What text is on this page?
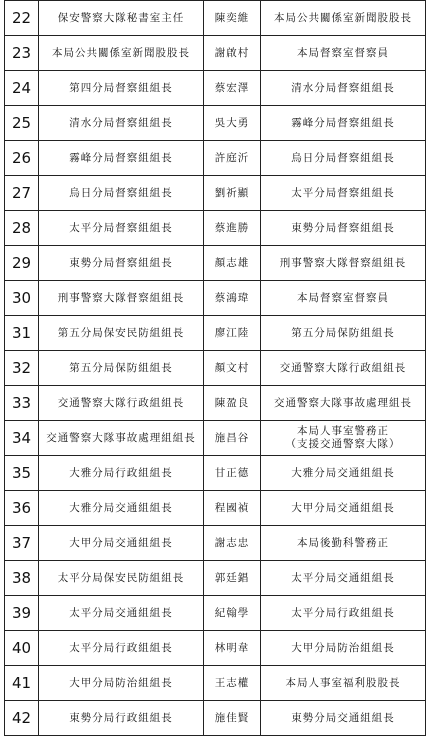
22	保安警察大隊秘書室主任	陳奕維	本局公共關係室新聞股股長

23	本局公共關係室新聞股股長	謝啟村	本局督察室督察員

24	第四分局督察組組長	蔡宏澤	清水分局督察組組長

25	清水分局督察組組長	吳大勇	霧峰分局督察組組長

26	霧峰分局督察組組長	許庭沂	烏日分局督察組組長

27	烏日分局督察組組長	劉祈顯	太平分局督察組組長

28	太平分局督察組組長	蔡進勝	東勢分局督察組組長

29	東勢分局督察組組長	顏志雄	刑事警察大隊督察組組長

30	刑事警察大隊督察組組長	蔡鴻瑋	本局督察室督察員

31	第五分局保安民防組組長	廖江陸	第五分局保防組組長

32	第五分局保防組組長	顏文村	交通警察大隊行政組組長

33	交通警察大隊行政組組長	陳盈良	交通警察大隊事故處理組長

34	交通警察大隊事故處理組組長	施昌谷	本局人事室警務正
（支援交通警察大隊）

35	大雅分局行政組組長	甘正德	大雅分局交通組組長

36	大雅分局交通組組長	程國禎	大甲分局交通組組長

37	大甲分局交通組組長	謝志忠	本局後勤科警務正

38	太平分局保安民防組組長	郭廷錩	太平分局交通組組長

39	太平分局交通組組長	紀翰學	太平分局行政組組長

40	太平分局行政組組長	林明韋	大甲分局防治組組長

41	大甲分局防治組組長	王志權	本局人事室福利股股長

42	東勢分局行政組組長	施佳賢	東勢分局交通組組長
